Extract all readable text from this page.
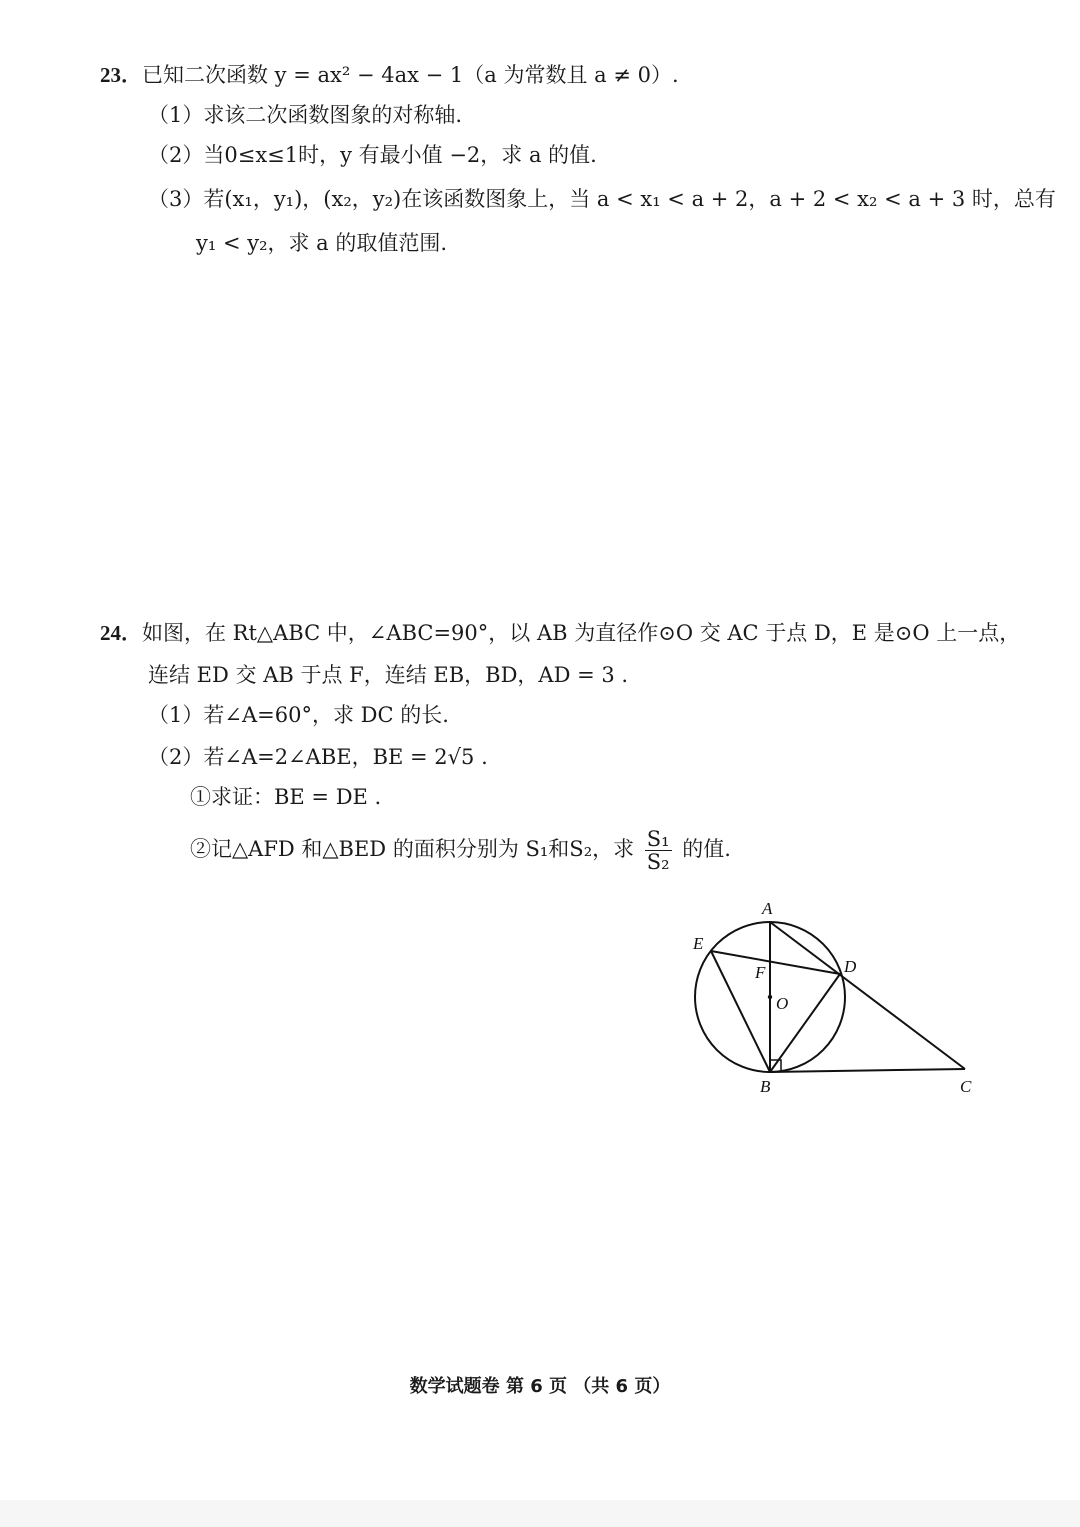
23．已知二次函数 y = ax² − 4ax − 1（a 为常数且 a ≠ 0）.
（1）求该二次函数图象的对称轴.
（2）当0≤x≤1时，y 有最小值 −2，求 a 的值.
（3）若(x₁，y₁)，(x₂，y₂)在该函数图象上，当 a < x₁ < a + 2，a + 2 < x₂ < a + 3 时，总有
y₁ < y₂，求 a 的取值范围.
24．如图，在 Rt△ABC 中，∠ABC=90°，以 AB 为直径作⊙O 交 AC 于点 D，E 是⊙O 上一点，
连结 ED 交 AB 于点 F，连结 EB，BD，AD = 3 .
（1）若∠A=60°，求 DC 的长.
（2）若∠A=2∠ABE，BE = 2√5 .
①求证：BE = DE .
②记△AFD 和△BED 的面积分别为 S₁和S₂，求 $\frac{\text{S₁}}{\text{S₂}}$ 的值.
A
B	C
D
E
F
O
数学试题卷 第 6 页 （共 6 页）
